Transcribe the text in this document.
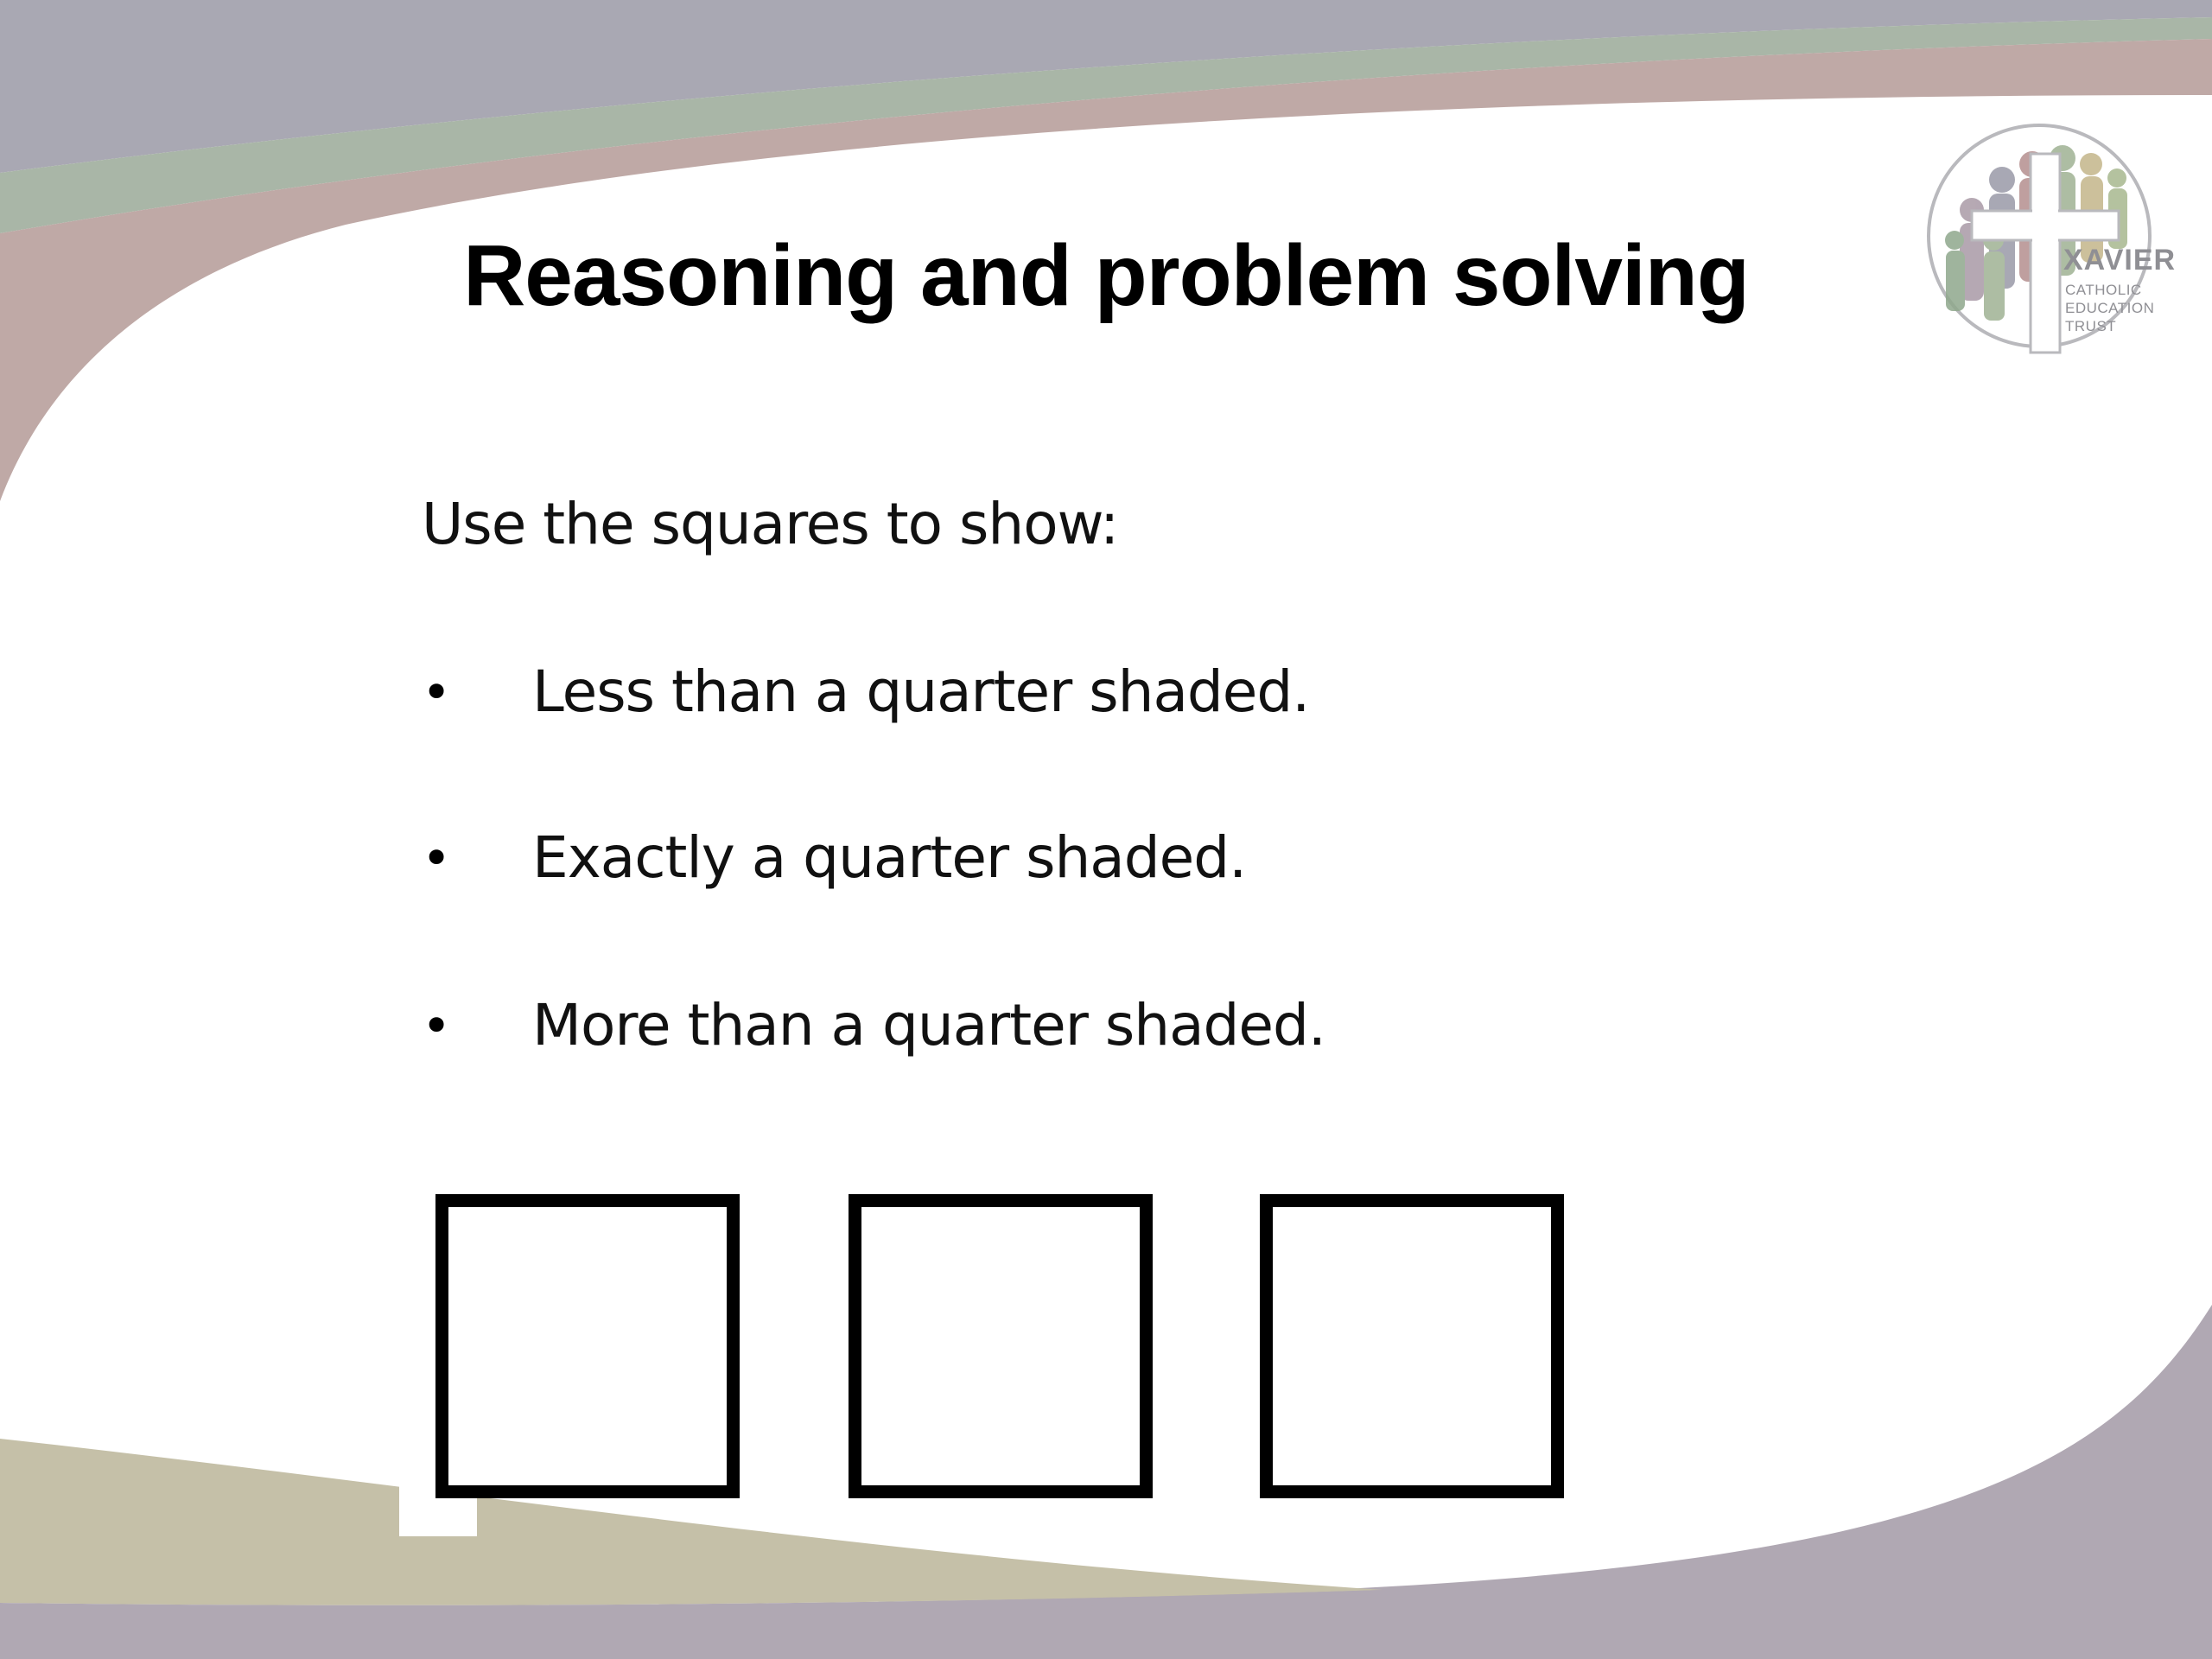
Reasoning and problem solving	XAVIER
CATHOLIC
EDUCATION
TRUST
Use the squares to show:
• Less than a quarter shaded.
• Exactly a quarter shaded.
• More than a quarter shaded.
